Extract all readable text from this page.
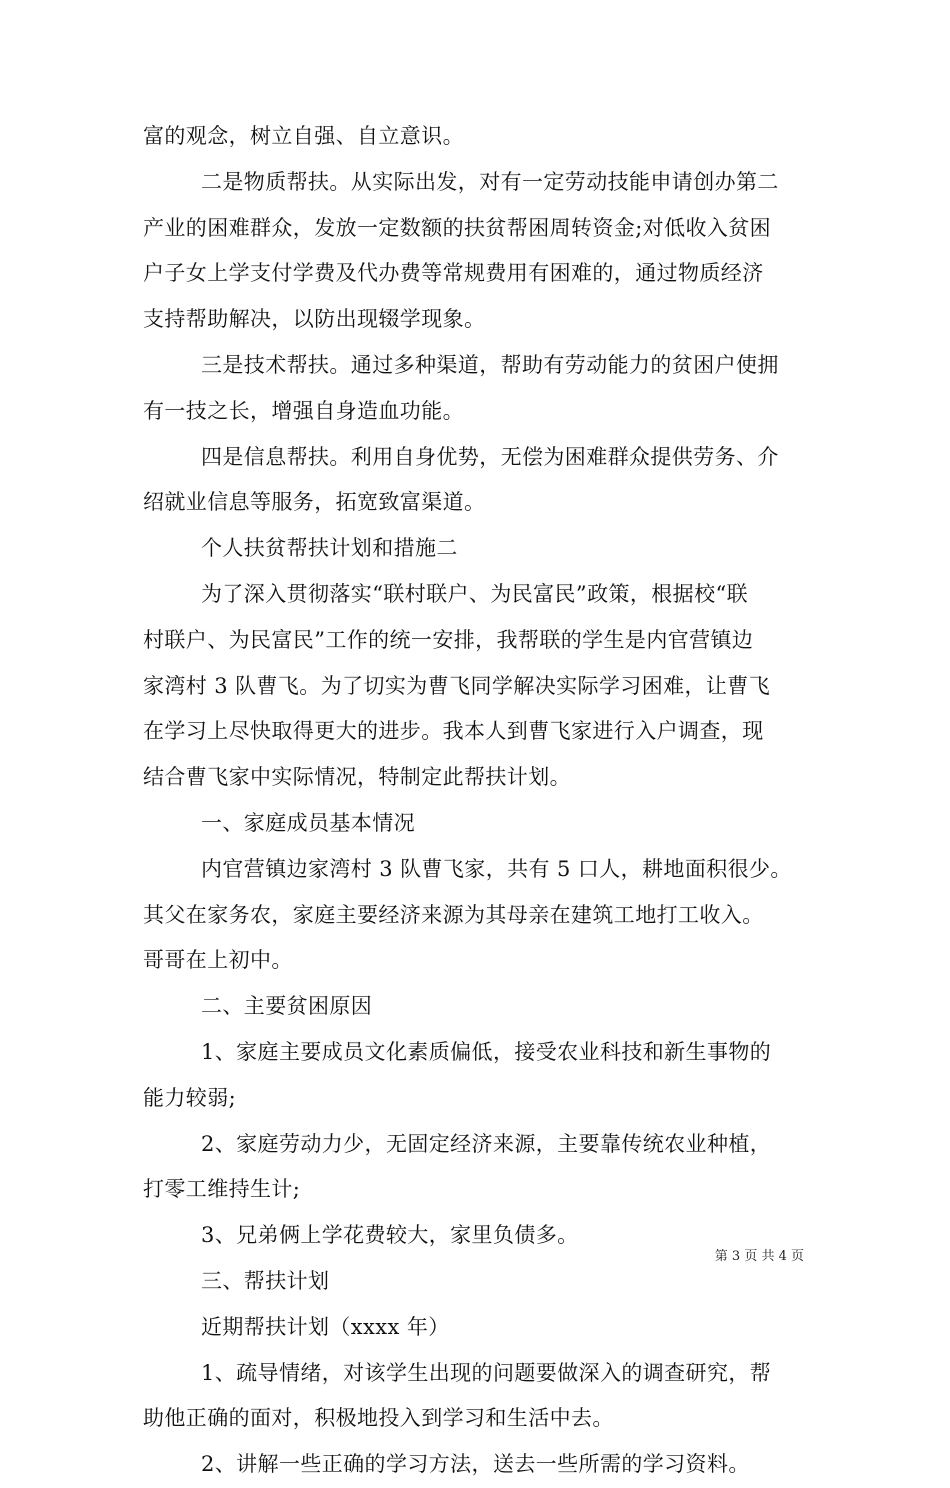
富的观念，树立自强、自立意识。
二是物质帮扶。从实际出发，对有一定劳动技能申请创办第二
产业的困难群众，发放一定数额的扶贫帮困周转资金;对低收入贫困
户子女上学支付学费及代办费等常规费用有困难的，通过物质经济
支持帮助解决，以防出现辍学现象。
三是技术帮扶。通过多种渠道，帮助有劳动能力的贫困户使拥
有一技之长，增强自身造血功能。
四是信息帮扶。利用自身优势，无偿为困难群众提供劳务、介
绍就业信息等服务，拓宽致富渠道。
个人扶贫帮扶计划和措施二
为了深入贯彻落实“联村联户、为民富民”政策，根据校“联
村联户、为民富民”工作的统一安排，我帮联的学生是内官营镇边
家湾村 3 队曹飞。为了切实为曹飞同学解决实际学习困难，让曹飞
在学习上尽快取得更大的进步。我本人到曹飞家进行入户调查，现
结合曹飞家中实际情况，特制定此帮扶计划。
一、家庭成员基本情况
内官营镇边家湾村 3 队曹飞家，共有 5 口人，耕地面积很少。
其父在家务农，家庭主要经济来源为其母亲在建筑工地打工收入。
哥哥在上初中。
二、主要贫困原因
1、家庭主要成员文化素质偏低，接受农业科技和新生事物的
能力较弱;
2、家庭劳动力少，无固定经济来源，主要靠传统农业种植，
打零工维持生计;
3、兄弟俩上学花费较大，家里负债多。
三、帮扶计划
近期帮扶计划（xxxx 年）
1、疏导情绪，对该学生出现的问题要做深入的调查研究，帮
助他正确的面对，积极地投入到学习和生活中去。
2、讲解一些正确的学习方法，送去一些所需的学习资料。
第 3 页 共 4 页
